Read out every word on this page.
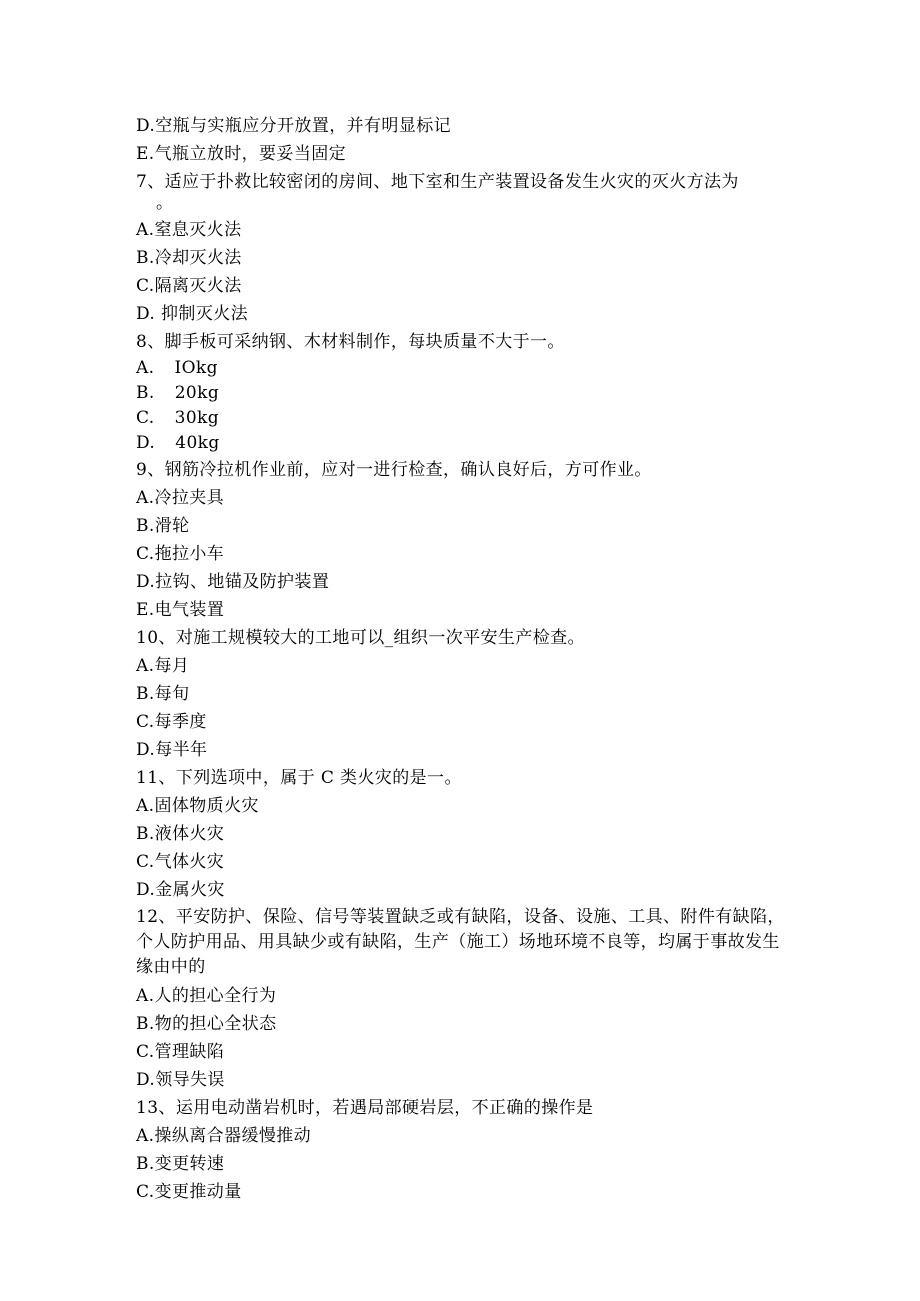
D.空瓶与实瓶应分开放置，并有明显标记
E.气瓶立放时，要妥当固定
7、适应于扑救比较密闭的房间、地下室和生产装置设备发生火灾的灭火方法为
。
A.窒息灭火法
B.冷却灭火法
C.隔离灭火法
D. 抑制灭火法
8、脚手板可采纳钢、木材料制作，每块质量不大于一。
A. IOkg
B. 20kg
C. 30kg
D. 40kg
9、钢筋冷拉机作业前，应对一进行检查，确认良好后，方可作业。
A.冷拉夹具
B.滑轮
C.拖拉小车
D.拉钩、地锚及防护装置
E.电气装置
10、对施工规模较大的工地可以_组织一次平安生产检查。
A.每月
B.每旬
C.每季度
D.每半年
11、下列选项中，属于 C 类火灾的是一。
A.固体物质火灾
B.液体火灾
C.气体火灾
D.金属火灾
12、平安防护、保险、信号等装置缺乏或有缺陷，设备、设施、工具、附件有缺陷，个人防护用品、用具缺少或有缺陷，生产（施工）场地环境不良等，均属于事故发生缘由中的
A.人的担心全行为
B.物的担心全状态
C.管理缺陷
D.领导失误
13、运用电动凿岩机时，若遇局部硬岩层，不正确的操作是
A.操纵离合器缓慢推动
B.变更转速
C.变更推动量
